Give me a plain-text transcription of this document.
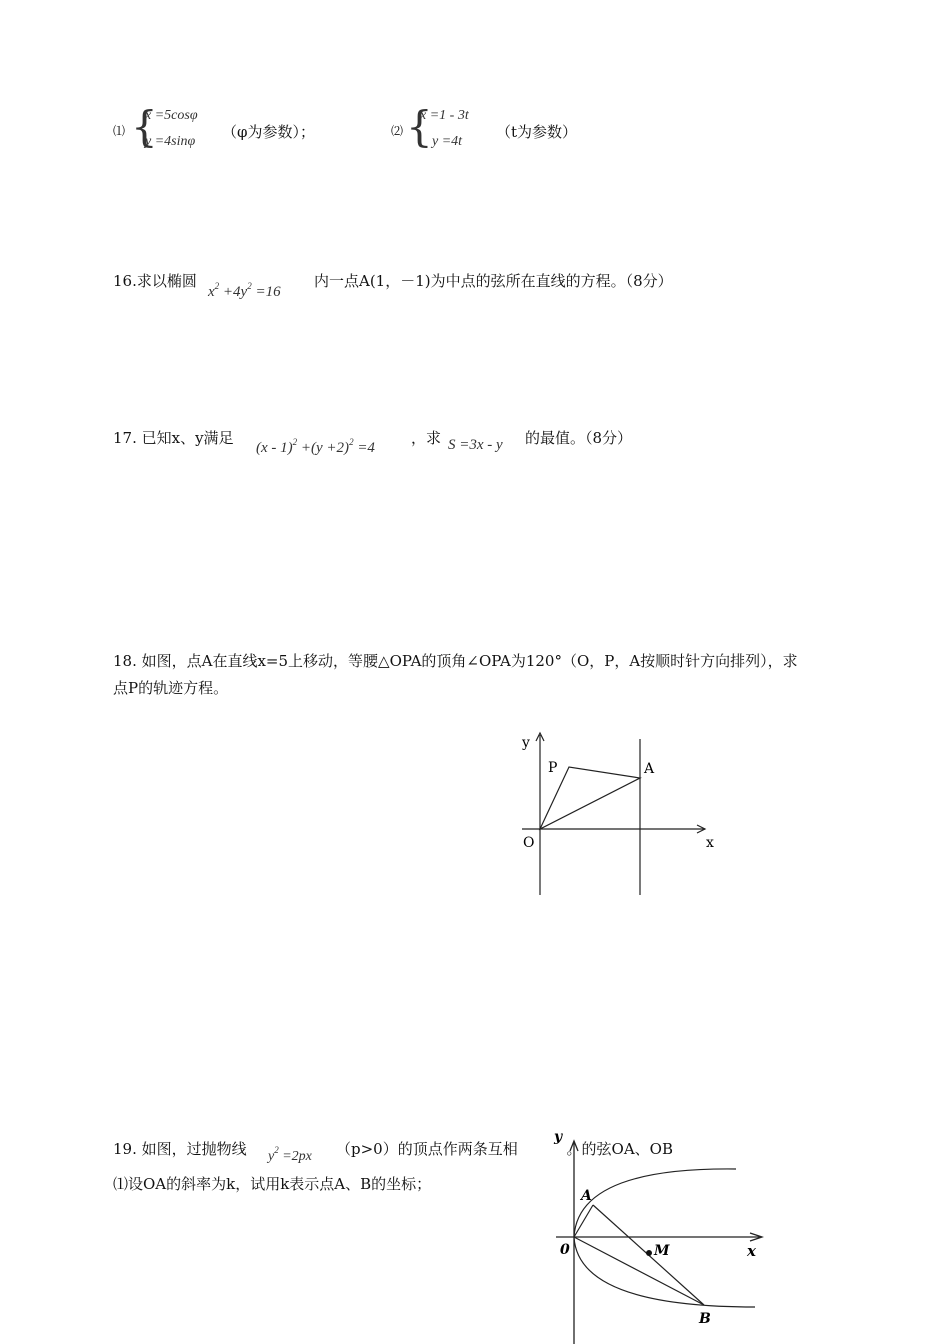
⑴ {
x =5cosφ
y =4sinφ
（φ为参数）；	⑵ {
x =1 - 3t
y =4t
（t为参数）
16.求以椭圆
$x^2 +4y^2 =16$
内一点A(1，－1)为中点的弦所在直线的方程。（8分）
17. 已知x、y满足
$(x - 1)^2 +(y +2)^2 =4$
，求 S =3x - y 的最值。（8分）
18. 如图，点A在直线x=5上移动，等腰△OPA的顶角∠OPA为120°（O，P，A按顺时针方向排列），求
点P的轨迹方程。
y
x
O
P	A
19. 如图，过抛物线 $y^2 =2px$ （p>0）的顶点作两条互相	的弦OA、OB。
⑴设OA的斜率为k，试用k表示点A、B的坐标；
y
x
0
A
B
M
